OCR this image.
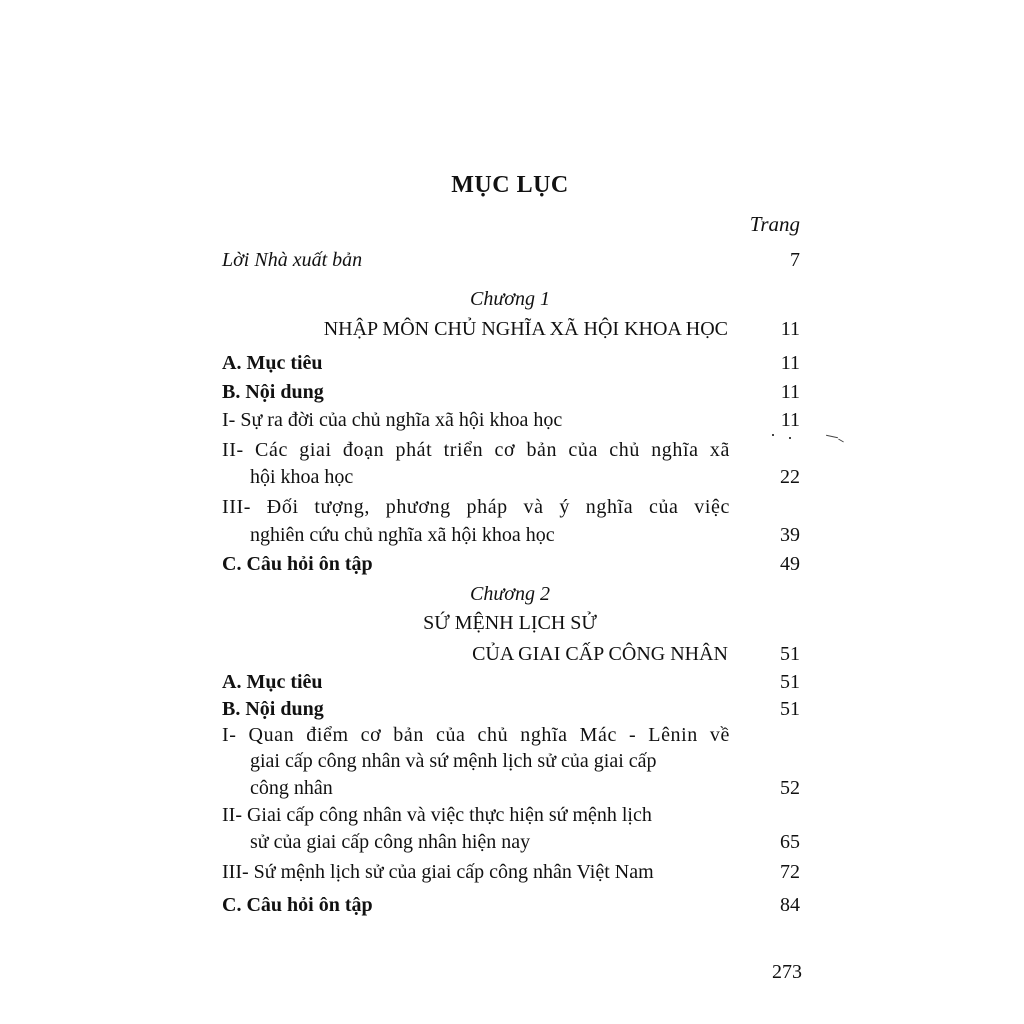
MỤC LỤC
Trang
Lời Nhà xuất bản	7
Chương 1
NHẬP MÔN CHỦ NGHĨA XÃ HỘI KHOA HỌC	11
A. Mục tiêu	11
B. Nội dung	11
I- Sự ra đời của chủ nghĩa xã hội khoa học	11
II- Các giai đoạn phát triển cơ bản của chủ nghĩa xã
hội khoa học	22
III- Đối tượng, phương pháp và ý nghĩa của việc
nghiên cứu chủ nghĩa xã hội khoa học	39
C. Câu hỏi ôn tập	49
Chương 2
SỨ MỆNH LỊCH SỬ
CỦA GIAI CẤP CÔNG NHÂN	51
A. Mục tiêu	51
B. Nội dung	51
I- Quan điểm cơ bản của chủ nghĩa Mác - Lênin về
giai cấp công nhân và sứ mệnh lịch sử của giai cấp
công nhân	52
II- Giai cấp công nhân và việc thực hiện sứ mệnh lịch
sử của giai cấp công nhân hiện nay	65
III- Sứ mệnh lịch sử của giai cấp công nhân Việt Nam	72
C. Câu hỏi ôn tập	84
273
